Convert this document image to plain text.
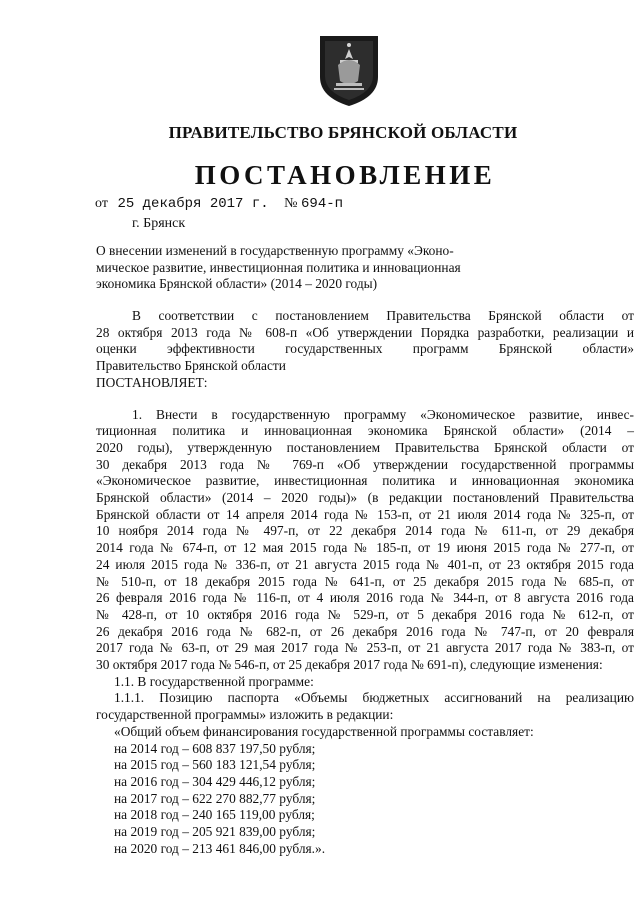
ПРАВИТЕЛЬСТВО БРЯНСКОЙ ОБЛАСТИ
ПОСТАНОВЛЕНИЕ
от 25 декабря 2017 г. № 694-п
г. Брянск
О внесении изменений в государственную программу «Эконо-
мическое развитие, инвестиционная политика и инновационная
экономика Брянской области» (2014 – 2020 годы)
В соответствии с постановлением Правительства Брянской области от
28 октября 2013 года № 608-п «Об утверждении Порядка разработки, реализации и
оценки эффективности государственных программ Брянской области»
Правительство Брянской области
ПОСТАНОВЛЯЕТ:
1. Внести в государственную программу «Экономическое развитие, инвес-
тиционная политика и инновационная экономика Брянской области» (2014 –
2020 годы), утвержденную постановлением Правительства Брянской области от
30 декабря 2013 года № 769-п «Об утверждении государственной программы
«Экономическое развитие, инвестиционная политика и инновационная экономика
Брянской области» (2014 – 2020 годы)» (в редакции постановлений Правительства
Брянской области от 14 апреля 2014 года № 153-п, от 21 июля 2014 года № 325-п, от
10 ноября 2014 года № 497-п, от 22 декабря 2014 года № 611-п, от 29 декабря
2014 года № 674-п, от 12 мая 2015 года № 185-п, от 19 июня 2015 года № 277-п, от
24 июля 2015 года № 336-п, от 21 августа 2015 года № 401-п, от 23 октября 2015 года
№ 510-п, от 18 декабря 2015 года № 641-п, от 25 декабря 2015 года № 685-п, от
26 февраля 2016 года № 116-п, от 4 июля 2016 года № 344-п, от 8 августа 2016 года
№ 428-п, от 10 октября 2016 года № 529-п, от 5 декабря 2016 года № 612-п, от
26 декабря 2016 года № 682-п, от 26 декабря 2016 года № 747-п, от 20 февраля
2017 года № 63-п, от 29 мая 2017 года № 253-п, от 21 августа 2017 года № 383-п, от
30 октября 2017 года № 546-п, от 25 декабря 2017 года № 691-п), следующие изменения:
1.1. В государственной программе:
1.1.1. Позицию паспорта «Объемы бюджетных ассигнований на реализацию
государственной программы» изложить в редакции:
«Общий объем финансирования государственной программы составляет:
на 2014 год – 608 837 197,50 рубля;
на 2015 год – 560 183 121,54 рубля;
на 2016 год – 304 429 446,12 рубля;
на 2017 год – 622 270 882,77 рубля;
на 2018 год – 240 165 119,00 рубля;
на 2019 год – 205 921 839,00 рубля;
на 2020 год – 213 461 846,00 рубля.».
